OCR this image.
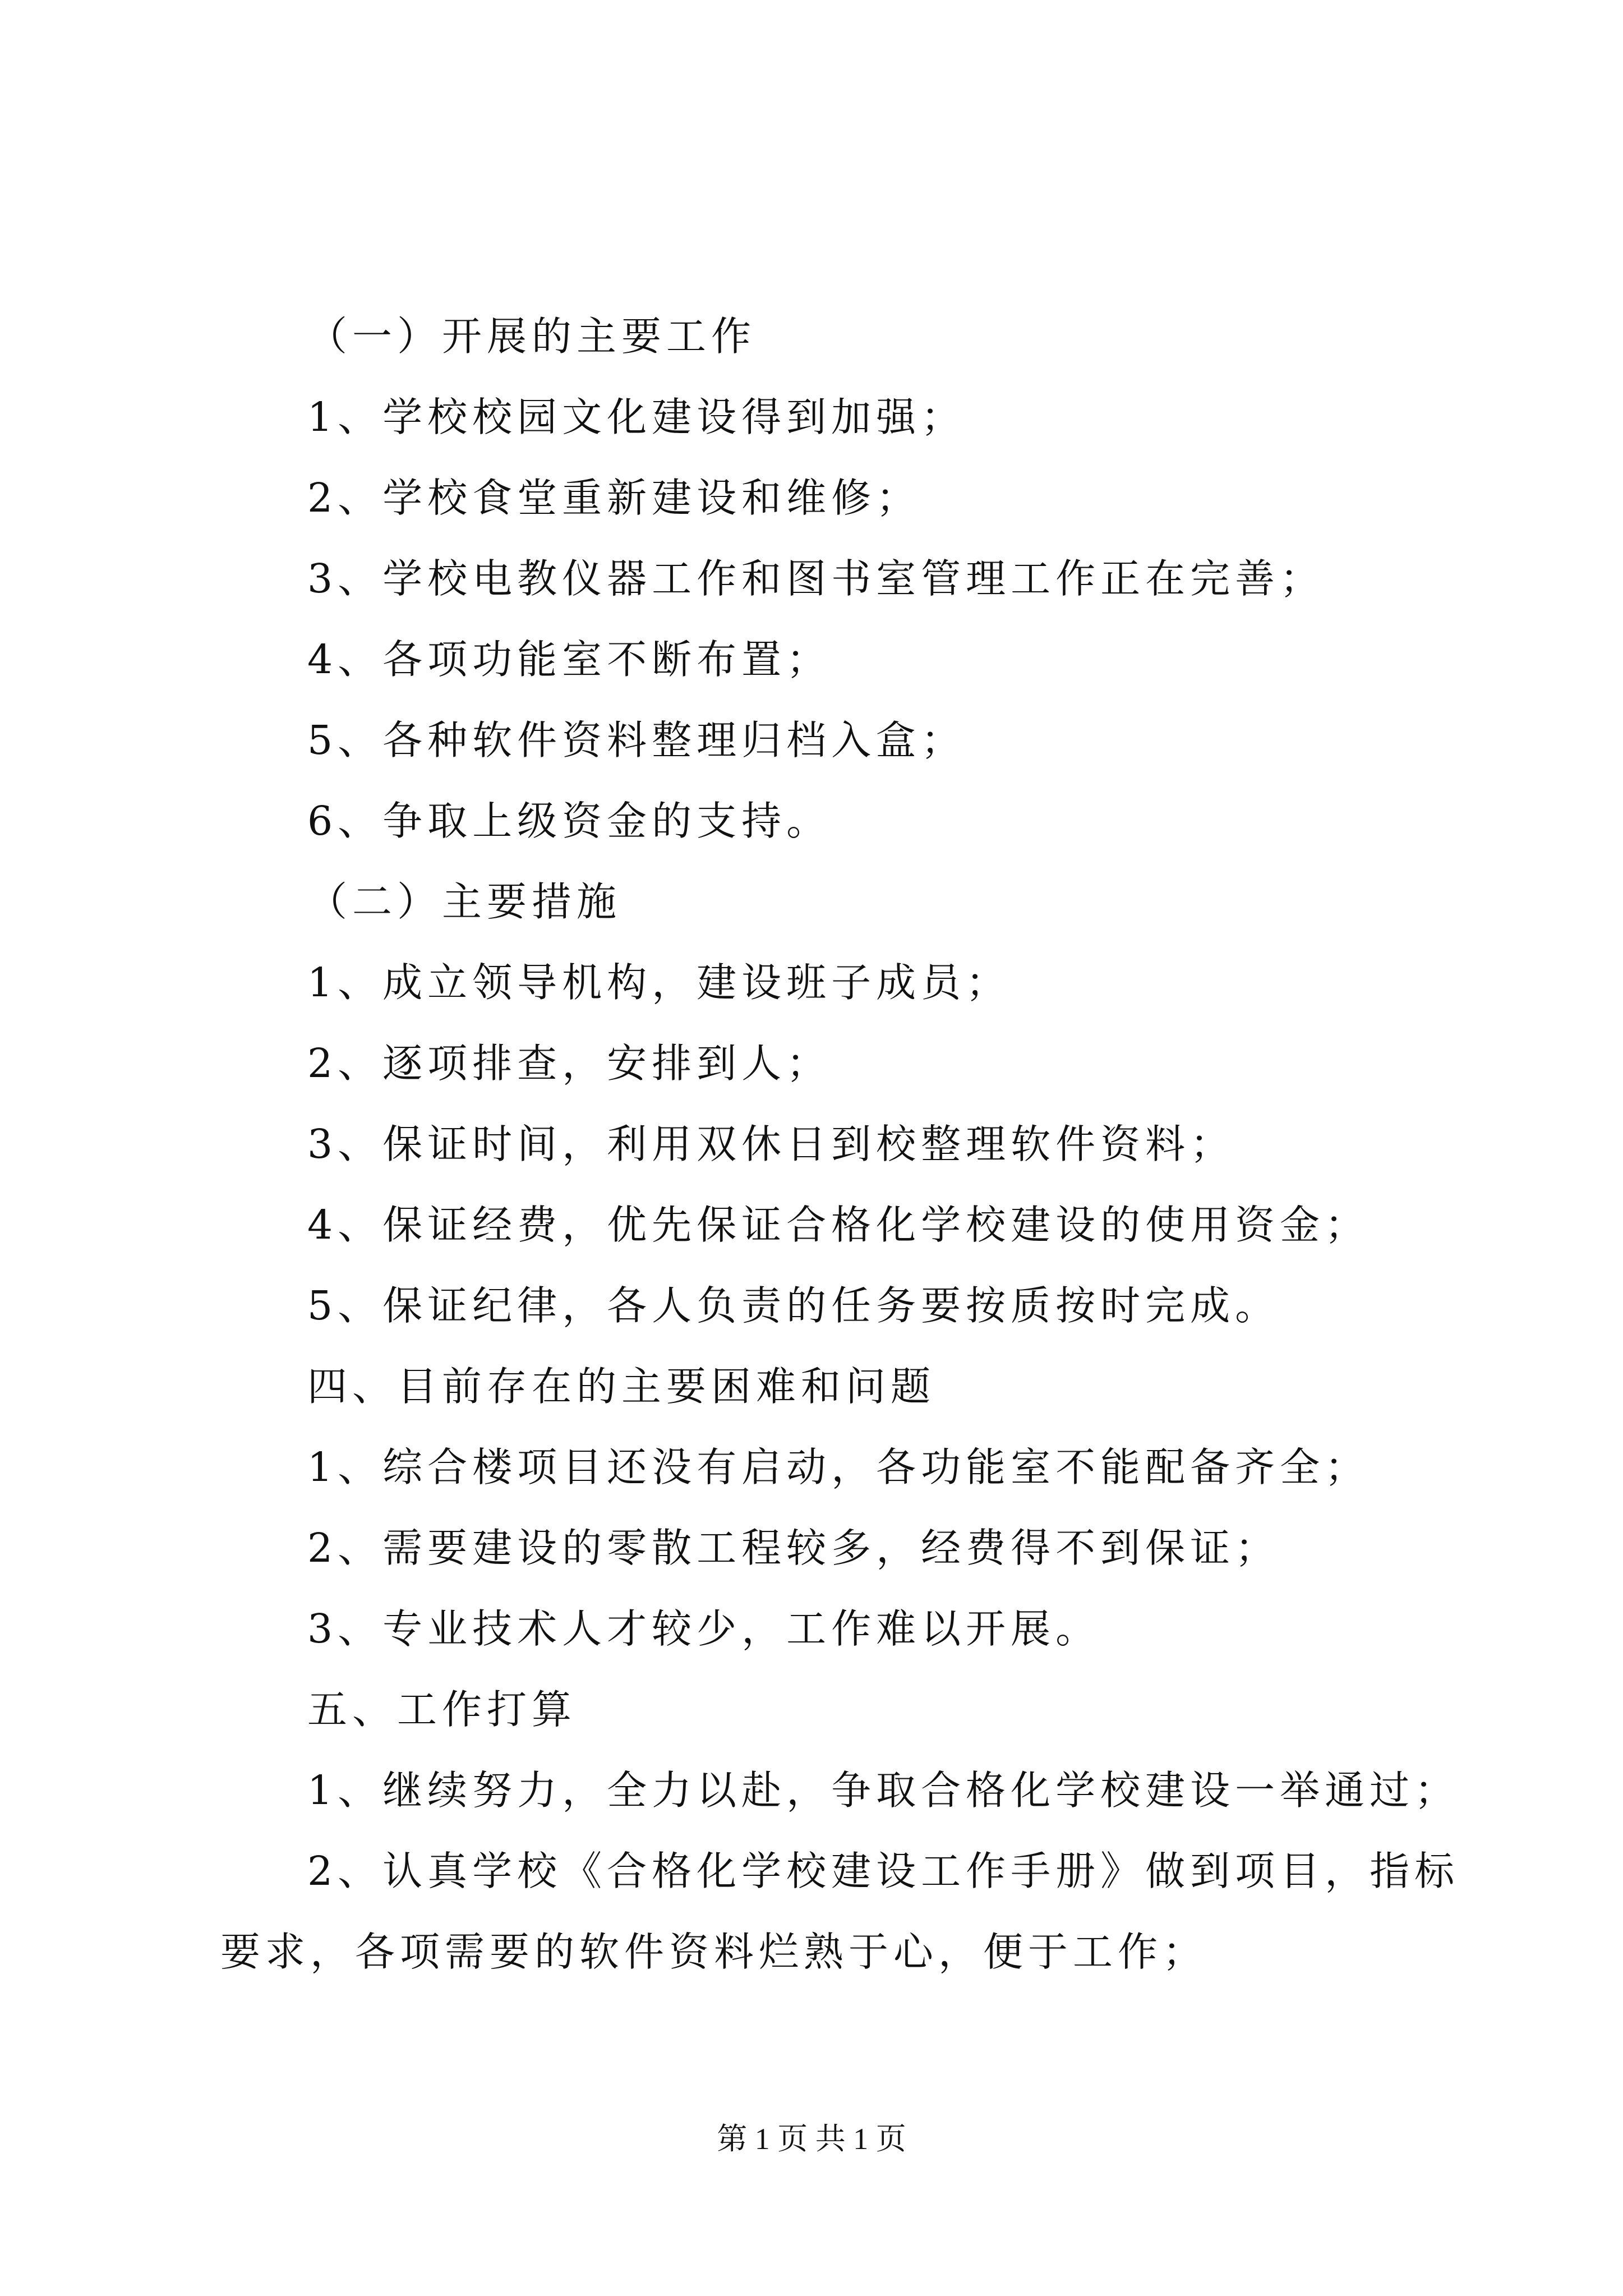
（一）开展的主要工作
1、学校校园文化建设得到加强；
2、学校食堂重新建设和维修；
3、学校电教仪器工作和图书室管理工作正在完善；
4、各项功能室不断布置；
5、各种软件资料整理归档入盒；
6、争取上级资金的支持。
（二）主要措施
1、成立领导机构，建设班子成员；
2、逐项排查，安排到人；
3、保证时间，利用双休日到校整理软件资料；
4、保证经费，优先保证合格化学校建设的使用资金；
5、保证纪律，各人负责的任务要按质按时完成。
四、目前存在的主要困难和问题
1、综合楼项目还没有启动，各功能室不能配备齐全；
2、需要建设的零散工程较多，经费得不到保证；
3、专业技术人才较少，工作难以开展。
五、工作打算
1、继续努力，全力以赴，争取合格化学校建设一举通过；
2、认真学校《合格化学校建设工作手册》做到项目，指标
要求，各项需要的软件资料烂熟于心，便于工作；
第 1 页 共 1 页
